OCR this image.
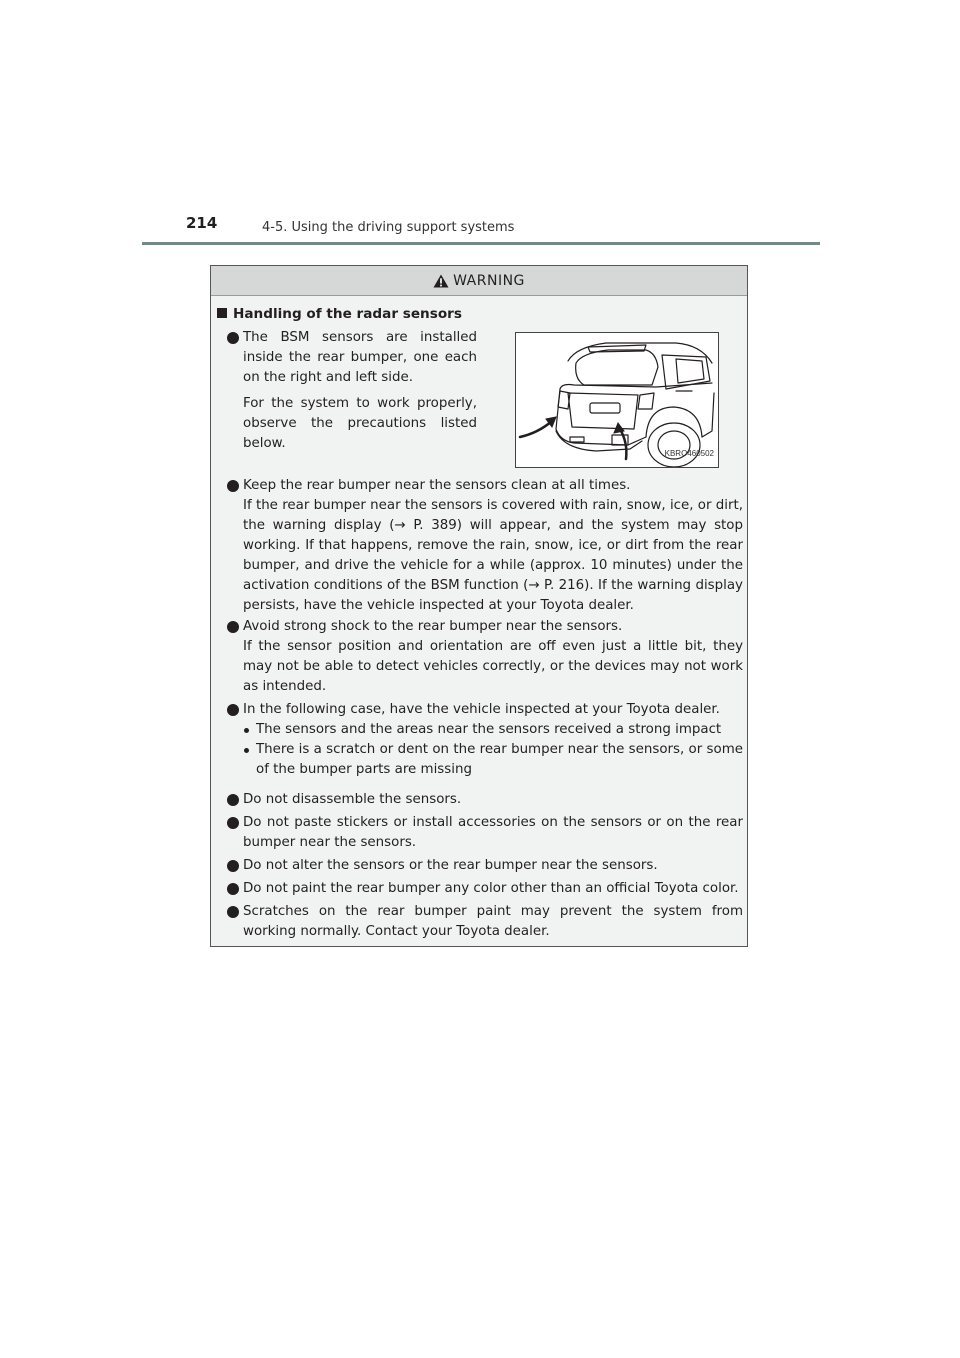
214	4-5. Using the driving support systems
WARNING
Handling of the radar sensors

The BSM sensors are installed inside the rear bumper, one each on the right and left side.

For the system to work properly, observe the precautions listed below.

KBRO460502

Keep the rear bumper near the sensors clean at all times.

If the rear bumper near the sensors is covered with rain, snow, ice, or dirt, the warning display (→ P. 389) will appear, and the system may stop working. If that happens, remove the rain, snow, ice, or dirt from the rear bumper, and drive the vehicle for a while (approx. 10 minutes) under the activation conditions of the BSM function (→ P. 216). If the warning display persists, have the vehicle inspected at your Toyota dealer.

Avoid strong shock to the rear bumper near the sensors.

If the sensor position and orientation are off even just a little bit, they may not be able to detect vehicles correctly, or the devices may not work as intended.

In the following case, have the vehicle inspected at your Toyota dealer.

The sensors and the areas near the sensors received a strong impact
There is a scratch or dent on the rear bumper near the sensors, or some of the bumper parts are missing

Do not disassemble the sensors.

Do not paste stickers or install accessories on the sensors or on the rear bumper near the sensors.

Do not alter the sensors or the rear bumper near the sensors.

Do not paint the rear bumper any color other than an official Toyota color.

Scratches on the rear bumper paint may prevent the system from working normally. Contact your Toyota dealer.
